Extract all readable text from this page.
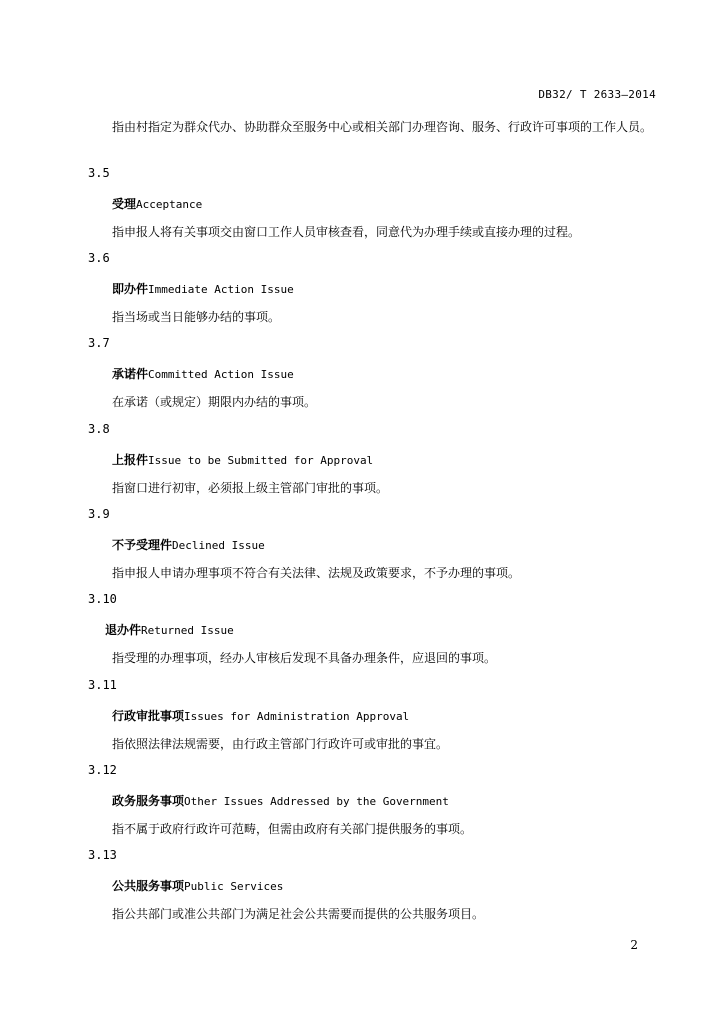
DB32/ T 2633—2014
指由村指定为群众代办、协助群众至服务中心或相关部门办理咨询、服务、行政许可事项的工作人员。
3.5
受理Acceptance
指申报人将有关事项交由窗口工作人员审核查看，同意代为办理手续或直接办理的过程。
3.6
即办件Immediate Action Issue
指当场或当日能够办结的事项。
3.7
承诺件Committed Action Issue
在承诺（或规定）期限内办结的事项。
3.8
上报件Issue to be Submitted for Approval
指窗口进行初审，必须报上级主管部门审批的事项。
3.9
不予受理件Declined Issue
指申报人申请办理事项不符合有关法律、法规及政策要求，不予办理的事项。
3.10
退办件Returned Issue
指受理的办理事项，经办人审核后发现不具备办理条件，应退回的事项。
3.11
行政审批事项Issues for Administration Approval
指依照法律法规需要，由行政主管部门行政许可或审批的事宜。
3.12
政务服务事项Other Issues Addressed by the Government
指不属于政府行政许可范畴，但需由政府有关部门提供服务的事项。
3.13
公共服务事项Public Services
指公共部门或准公共部门为满足社会公共需要而提供的公共服务项目。
2
